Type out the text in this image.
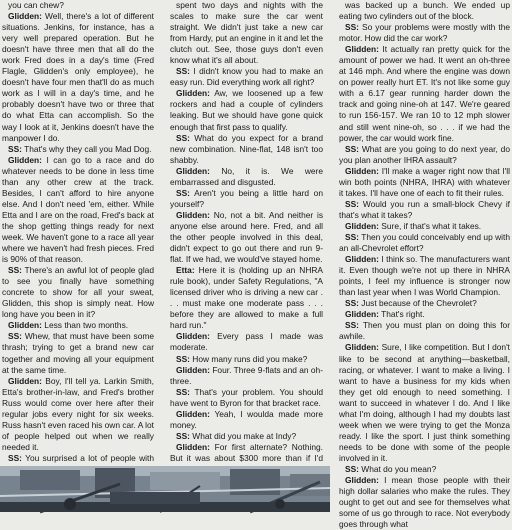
you can chew?

Glidden: Well, there's a lot of different situations. Jenkins, for instance, has a very well prepared operation. But he doesn't have three men that all do the work Fred does in a day's time (Fred Flagle, Glidden's only employee), he doesn't have four men that'll do as much work as I will in a day's time, and he probably doesn't have two or three that do what Etta can accomplish. So the way I look at it, Jenkins doesn't have the manpower I do.

SS: That's why they call you Mad Dog.

Glidden: I can go to a race and do whatever needs to be done in less time than any other crew at the track. Besides, I can't afford to hire anyone else. And I don't need 'em, either. While Etta and I are on the road, Fred's back at the shop getting things ready for next week. We haven't gone to a race all year where we haven't had fresh pieces. Fred is 90% of that reason.

SS: There's an awful lot of people glad to see you finally have something concrete to show for all your sweat, Glidden, this shop is simply neat. How long have you been in it?

Glidden: Less than two months.

SS: Whew, that must have been some thrash; trying to get a brand new car together and moving all your equipment at the same time.

Glidden: Boy, I'll tell ya. Larkin Smith, Etta's brother-in-law, and Fred's brother Russ would come over here after their regular jobs every night for six weeks. Russ hasn't even raced his own car. A lot of people helped out when we really needed it.

SS: You surprised a lot of people with

spent two days and nights with the scales to make sure the car went straight. We didn't just take a new car from Hardy, put an engine in it and let the clutch out. See, those guys don't even know what it's all about.

SS: I didn't know you had to make an easy run. Did everything work all right?

Glidden: Aw, we loosened up a few rockers and had a couple of cylinders leaking. But we should have gone quick enough that first pass to qualify.

SS: What do you expect for a brand new combination. Nine-flat, 148 isn't too shabby.

Glidden: No, it is. We were embarrassed and disgusted.

SS: Aren't you being a little hard on yourself?

Glidden: No, not a bit. And neither is anyone else around here. Fred, and all the other people involved in this deal, didn't expect to go out there and run 9-flat. If we had, we would've stayed home.

Etta: Here it is (holding up an NHRA rule book), under Safety Regulations, "A licensed driver who is driving a new car . . . must make one moderate pass . . . before they are allowed to make a full hard run."

Glidden: Every pass I made was moderate.

SS: How many runs did you make?

Glidden: Four. Three 9-flats and an oh-three.

SS: That's your problem. You should have went to Byron for that bracket race.

Glidden: Yeah, I woulda made more money.

SS: What did you make at Indy?

Glidden: For first alternate? Nothing. But it was about $300 more than if I'd

was backed up a bunch. We ended up eating two cylinders out of the block.

SS: So your problems were mostly with the motor. How did the car work?

Glidden: It actually ran pretty quick for the amount of power we had. It went an oh-three at 146 mph. And where the engine was down on power really hurt ET. It's not like some guy with a 6.17 gear running harder down the track and going nine-oh at 147. We're geared to run 156-157. We ran 10 to 12 mph slower and still went nine-oh, so . . . if we had the power, the car would work fine.

SS: What are you going to do next year, do you plan another IHRA assault?

Glidden: I'll make a wager right now that I'll win both points (NHRA, IHRA) with whatever it takes. I'll have one of each to fit their rules.

SS: Would you run a small-block Chevy if that's what it takes?

Glidden: Sure, if that's what it takes.

SS: Then you could conceivably end up with an all-Chevrolet effort?

Glidden: I think so. The manufacturers want it. Even though we're not up there in NHRA points, I feel my influence is stronger now than last year when I was World Champion.

SS: Just because of the Chevrolet?

Glidden: That's right.

SS: Then you must plan on doing this for awhile.

Glidden: Sure, I like competition. But I don't like to be second at anything—basketball, racing, or whatever. I want to make a living. I want to have a business for my kids when they get old enough to need something. I want to succeed in whatever I do. And I like what I'm doing, although I had my doubts last week when we were trying to get the Monza ready. I like the sport. I just think something needs to be done with some of the people involved in it.

SS: What do you mean?

Glidden: I mean those people with their high dollar salaries who make the rules. They ought to get out and see for themselves what some of us go through to race. Not everybody goes through what
